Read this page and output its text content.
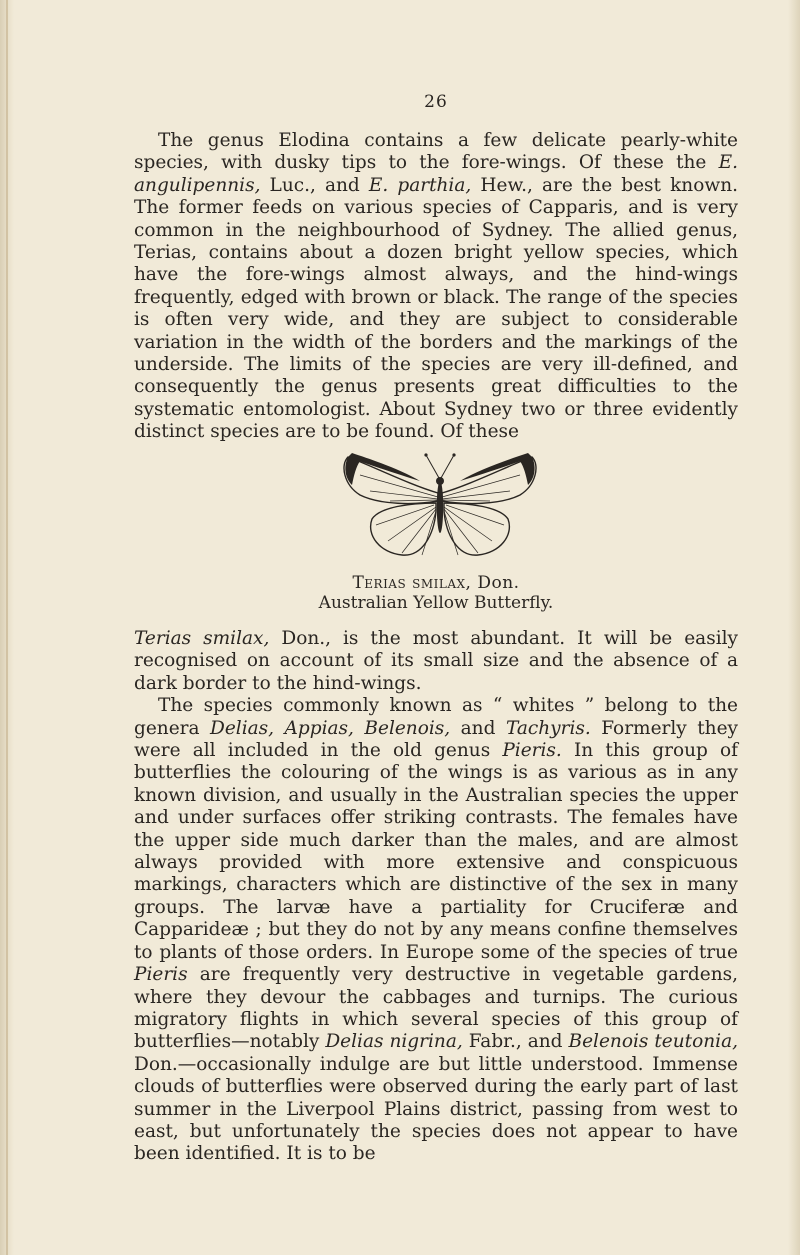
26

The genus Elodina contains a few delicate pearly-white species, with dusky tips to the fore-wings. Of these the E. angulipennis, Luc., and E. parthia, Hew., are the best known. The former feeds on various species of Capparis, and is very common in the neighbourhood of Sydney. The allied genus, Terias, contains about a dozen bright yellow species, which have the fore-wings almost always, and the hind-wings frequently, edged with brown or black. The range of the species is often very wide, and they are subject to considerable variation in the width of the borders and the markings of the underside. The limits of the species are very ill-defined, and consequently the genus presents great difficulties to the systematic entomologist. About Sydney two or three evidently distinct species are to be found. Of these

Terias smilax, Don.
Australian Yellow Butterfly.

Terias smilax, Don., is the most abundant. It will be easily recognised on account of its small size and the absence of a dark border to the hind-wings.

The species commonly known as “ whites ” belong to the genera Delias, Appias, Belenois, and Tachyris. Formerly they were all included in the old genus Pieris. In this group of butterflies the colouring of the wings is as various as in any known division, and usually in the Australian species the upper and under surfaces offer striking contrasts. The females have the upper side much darker than the males, and are almost always provided with more extensive and conspicuous markings, characters which are distinctive of the sex in many groups. The larvæ have a partiality for Cruciferæ and Capparideæ ; but they do not by any means confine themselves to plants of those orders. In Europe some of the species of true Pieris are frequently very destructive in vegetable gardens, where they devour the cabbages and turnips. The curious migratory flights in which several species of this group of butterflies—notably Delias nigrina, Fabr., and Belenois teutonia, Don.—occasionally indulge are but little understood. Immense clouds of butterflies were observed during the early part of last summer in the Liverpool Plains district, passing from west to east, but unfortunately the species does not appear to have been identified. It is to be
